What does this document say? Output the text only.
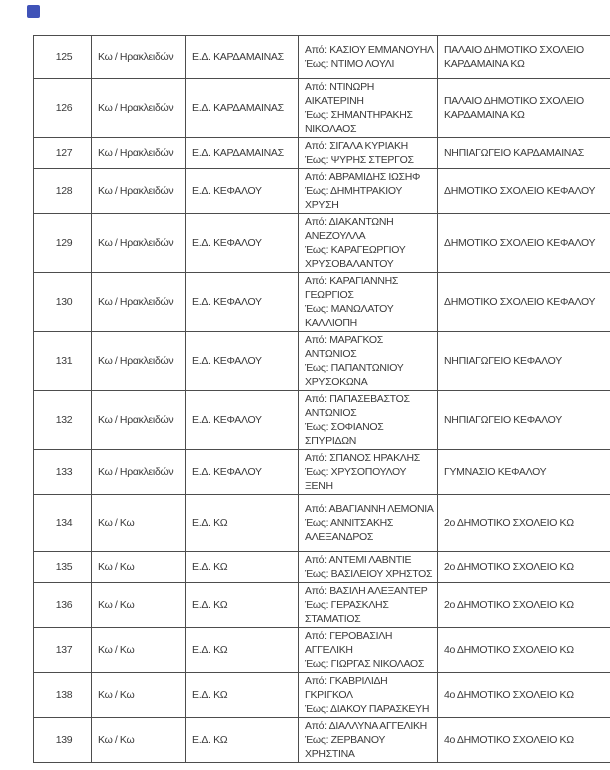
125	Κω / Ηρακλειδών	Ε.Δ. ΚΑΡΔΑΜΑΙΝΑΣ	Από: ΚΑΣΙΟΥ ΕΜΜΑΝΟΥΗΛ
Έως: ΝΤΙΜΟ ΛΟΥΛΙ	ΠΑΛΑΙΟ ΔΗΜΟΤΙΚΟ ΣΧΟΛΕΙΟ ΚΑΡΔΑΜΑΙΝΑ ΚΩ
126	Κω / Ηρακλειδών	Ε.Δ. ΚΑΡΔΑΜΑΙΝΑΣ	Από: ΝΤΙΝΩΡΗ ΑΙΚΑΤΕΡΙΝΗ
Έως: ΣΗΜΑΝΤΗΡΑΚΗΣ ΝΙΚΟΛΑΟΣ	ΠΑΛΑΙΟ ΔΗΜΟΤΙΚΟ ΣΧΟΛΕΙΟ ΚΑΡΔΑΜΑΙΝΑ ΚΩ
127	Κω / Ηρακλειδών	Ε.Δ. ΚΑΡΔΑΜΑΙΝΑΣ	Από: ΣΙΓΑΛΑ ΚΥΡΙΑΚΗ
Έως: ΨΥΡΗΣ ΣΤΕΡΓΟΣ	ΝΗΠΙΑΓΩΓΕΙΟ ΚΑΡΔΑΜΑΙΝΑΣ
128	Κω / Ηρακλειδών	Ε.Δ. ΚΕΦΑΛΟΥ	Από: ΑΒΡΑΜΙΔΗΣ ΙΩΣΗΦ
Έως: ΔΗΜΗΤΡΑΚΙΟΥ ΧΡΥΣΗ	ΔΗΜΟΤΙΚΟ ΣΧΟΛΕΙΟ ΚΕΦΑΛΟΥ
129	Κω / Ηρακλειδών	Ε.Δ. ΚΕΦΑΛΟΥ	Από: ΔΙΑΚΑΝΤΩΝΗ ΑΝΕΖΟΥΛΛΑ
Έως: ΚΑΡΑΓΕΩΡΓΙΟΥ ΧΡΥΣΟΒΑΛΑΝΤΟΥ	ΔΗΜΟΤΙΚΟ ΣΧΟΛΕΙΟ ΚΕΦΑΛΟΥ
130	Κω / Ηρακλειδών	Ε.Δ. ΚΕΦΑΛΟΥ	Από: ΚΑΡΑΓΙΑΝΝΗΣ ΓΕΩΡΓΙΟΣ
Έως: ΜΑΝΩΛΑΤΟΥ ΚΑΛΛΙΟΠΗ	ΔΗΜΟΤΙΚΟ ΣΧΟΛΕΙΟ ΚΕΦΑΛΟΥ
131	Κω / Ηρακλειδών	Ε.Δ. ΚΕΦΑΛΟΥ	Από: ΜΑΡΑΓΚΟΣ ΑΝΤΩΝΙΟΣ
Έως: ΠΑΠΑΝΤΩΝΙΟΥ ΧΡΥΣΟΚΩΝΑ	ΝΗΠΙΑΓΩΓΕΙΟ ΚΕΦΑΛΟΥ
132	Κω / Ηρακλειδών	Ε.Δ. ΚΕΦΑΛΟΥ	Από: ΠΑΠΑΣΕΒΑΣΤΟΣ ΑΝΤΩΝΙΟΣ
Έως: ΣΟΦΙΑΝΟΣ ΣΠΥΡΙΔΩΝ	ΝΗΠΙΑΓΩΓΕΙΟ ΚΕΦΑΛΟΥ
133	Κω / Ηρακλειδών	Ε.Δ. ΚΕΦΑΛΟΥ	Από: ΣΠΑΝΟΣ ΗΡΑΚΛΗΣ
Έως: ΧΡΥΣΟΠΟΥΛΟΥ ΞΕΝΗ	ΓΥΜΝΑΣΙΟ ΚΕΦΑΛΟΥ
134	Κω / Κω	Ε.Δ. ΚΩ	Από: ΑΒΑΓΙΑΝΝΗ ΛΕΜΟΝΙΑ
Έως: ΑΝΝΙΤΣΑΚΗΣ ΑΛΕΞΑΝΔΡΟΣ	2ο ΔΗΜΟΤΙΚΟ ΣΧΟΛΕΙΟ ΚΩ
135	Κω / Κω	Ε.Δ. ΚΩ	Από: ΑΝΤΕΜΙ ΛΑΒΝΤΙΕ
Έως: ΒΑΣΙΛΕΙΟΥ ΧΡΗΣΤΟΣ	2ο ΔΗΜΟΤΙΚΟ ΣΧΟΛΕΙΟ ΚΩ
136	Κω / Κω	Ε.Δ. ΚΩ	Από: ΒΑΣΙΛΗ ΑΛΕΞΑΝΤΕΡ
Έως: ΓΕΡΑΣΚΛΗΣ ΣΤΑΜΑΤΙΟΣ	2ο ΔΗΜΟΤΙΚΟ ΣΧΟΛΕΙΟ ΚΩ
137	Κω / Κω	Ε.Δ. ΚΩ	Από: ΓΕΡΟΒΑΣΙΛΗ ΑΓΓΕΛΙΚΗ
Έως: ΓΙΩΡΓΑΣ ΝΙΚΟΛΑΟΣ	4ο ΔΗΜΟΤΙΚΟ ΣΧΟΛΕΙΟ ΚΩ
138	Κω / Κω	Ε.Δ. ΚΩ	Από: ΓΚΑΒΡΙΛΙΔΗ ΓΚΡΙΓΚΟΛ
Έως: ΔΙΑΚΟΥ ΠΑΡΑΣΚΕΥΗ	4ο ΔΗΜΟΤΙΚΟ ΣΧΟΛΕΙΟ ΚΩ
139	Κω / Κω	Ε.Δ. ΚΩ	Από: ΔΙΑΛΛΥΝΑ ΑΓΓΕΛΙΚΗ
Έως: ΖΕΡΒΑΝΟΥ ΧΡΗΣΤΙΝΑ	4ο ΔΗΜΟΤΙΚΟ ΣΧΟΛΕΙΟ ΚΩ
